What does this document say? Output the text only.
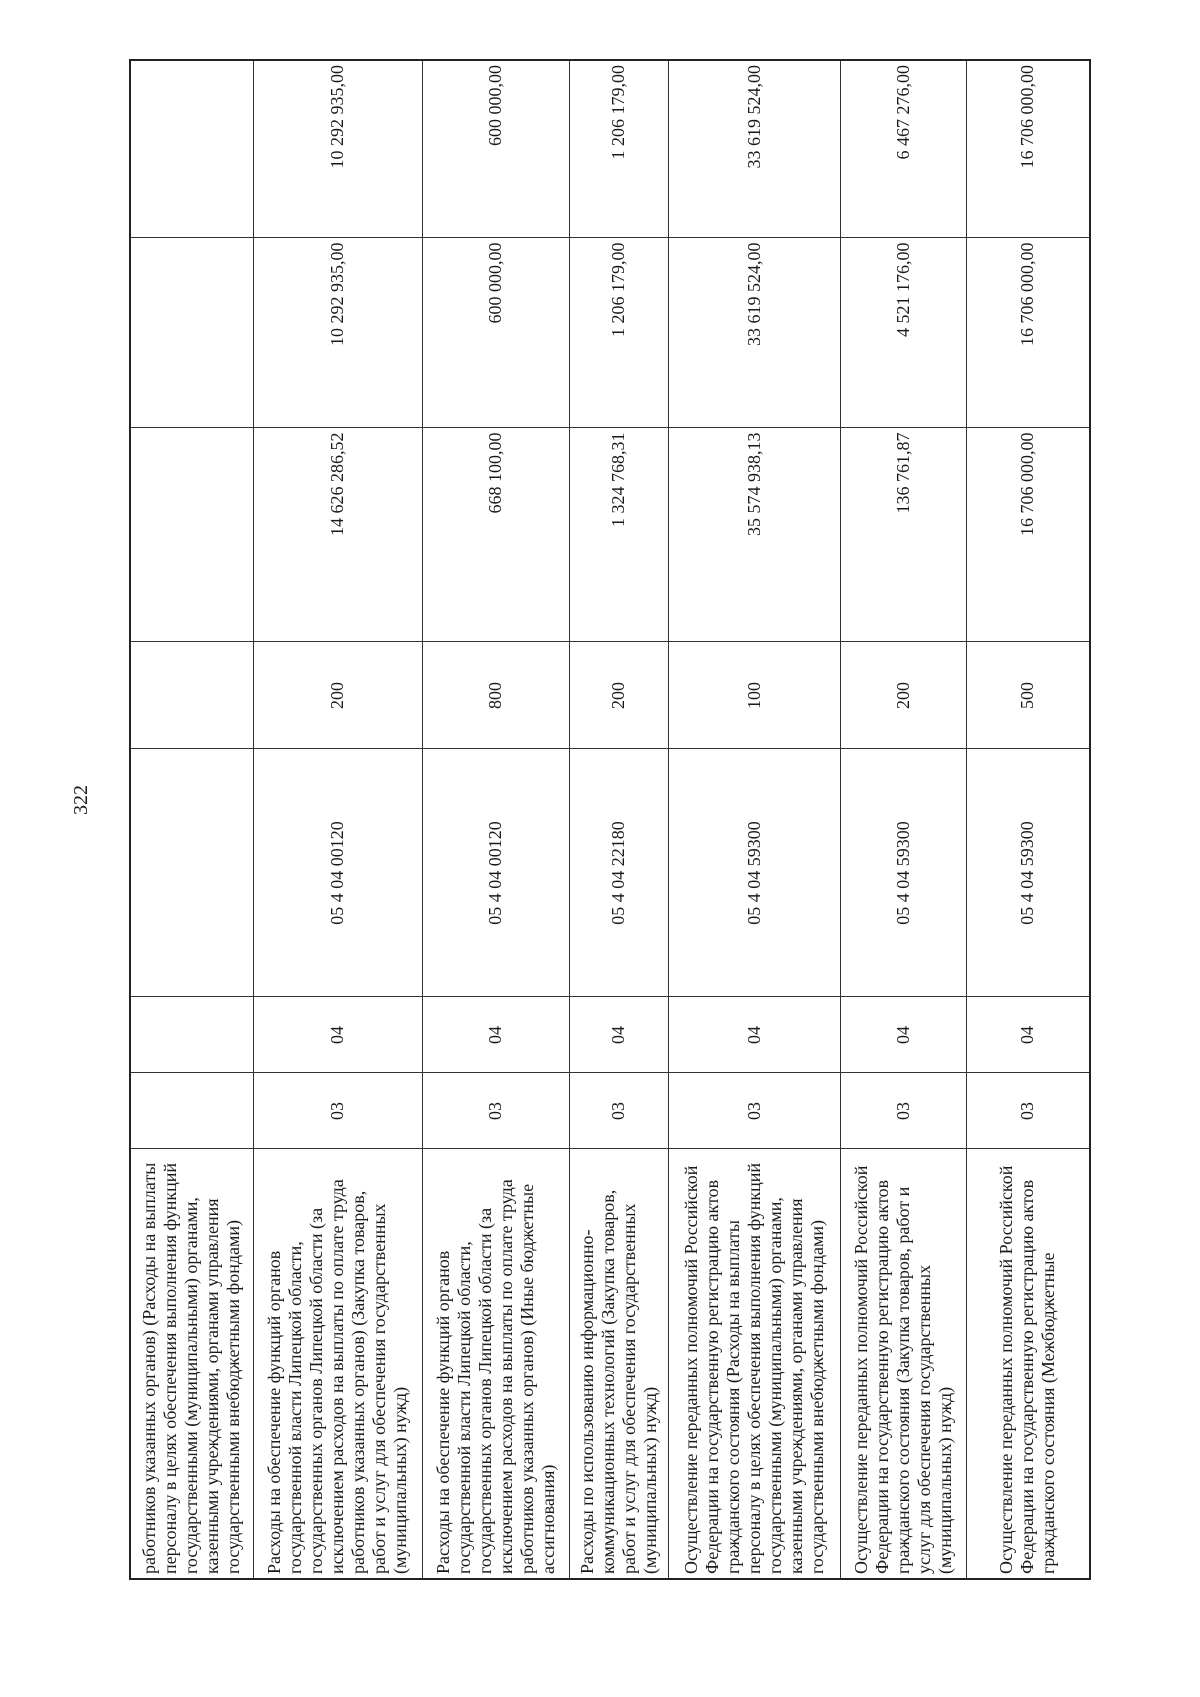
322
работников указанных органов) (Расходы на выплаты персоналу в целях обеспечения выполнения функций государственными (муниципальными) органами, казенными учреждениями, органами управления государственными внебюджетными фондами)							
Расходы на обеспечение функций органов государственной власти Липецкой области, государственных органов Липецкой области (за исключением расходов на выплаты по оплате труда работников указанных органов) (Закупка товаров, работ и услуг для обеспечения государственных (муниципальных) нужд)	03	04	05 4 04 00120	200	14 626 286,52	10 292 935,00	10 292 935,00
Расходы на обеспечение функций органов государственной власти Липецкой области, государственных органов Липецкой области (за исключением расходов на выплаты по оплате труда работников указанных органов) (Иные бюджетные ассигнования)	03	04	05 4 04 00120	800	668 100,00	600 000,00	600 000,00
Расходы по использованию информационно-коммуникационных технологий (Закупка товаров, работ и услуг для обеспечения государственных (муниципальных) нужд)	03	04	05 4 04 22180	200	1 324 768,31	1 206 179,00	1 206 179,00
Осуществление переданных полномочий Российской Федерации на государственную регистрацию актов гражданского состояния (Расходы на выплаты персоналу в целях обеспечения выполнения функций государственными (муниципальными) органами, казенными учреждениями, органами управления государственными внебюджетными фондами)	03	04	05 4 04 59300	100	35 574 938,13	33 619 524,00	33 619 524,00
Осуществление переданных полномочий Российской Федерации на государственную регистрацию актов гражданского состояния (Закупка товаров, работ и услуг для обеспечения государственных (муниципальных) нужд)	03	04	05 4 04 59300	200	136 761,87	4 521 176,00	6 467 276,00
Осуществление переданных полномочий Российской Федерации на государственную регистрацию актов гражданского состояния (Межбюджетные	03	04	05 4 04 59300	500	16 706 000,00	16 706 000,00	16 706 000,00
